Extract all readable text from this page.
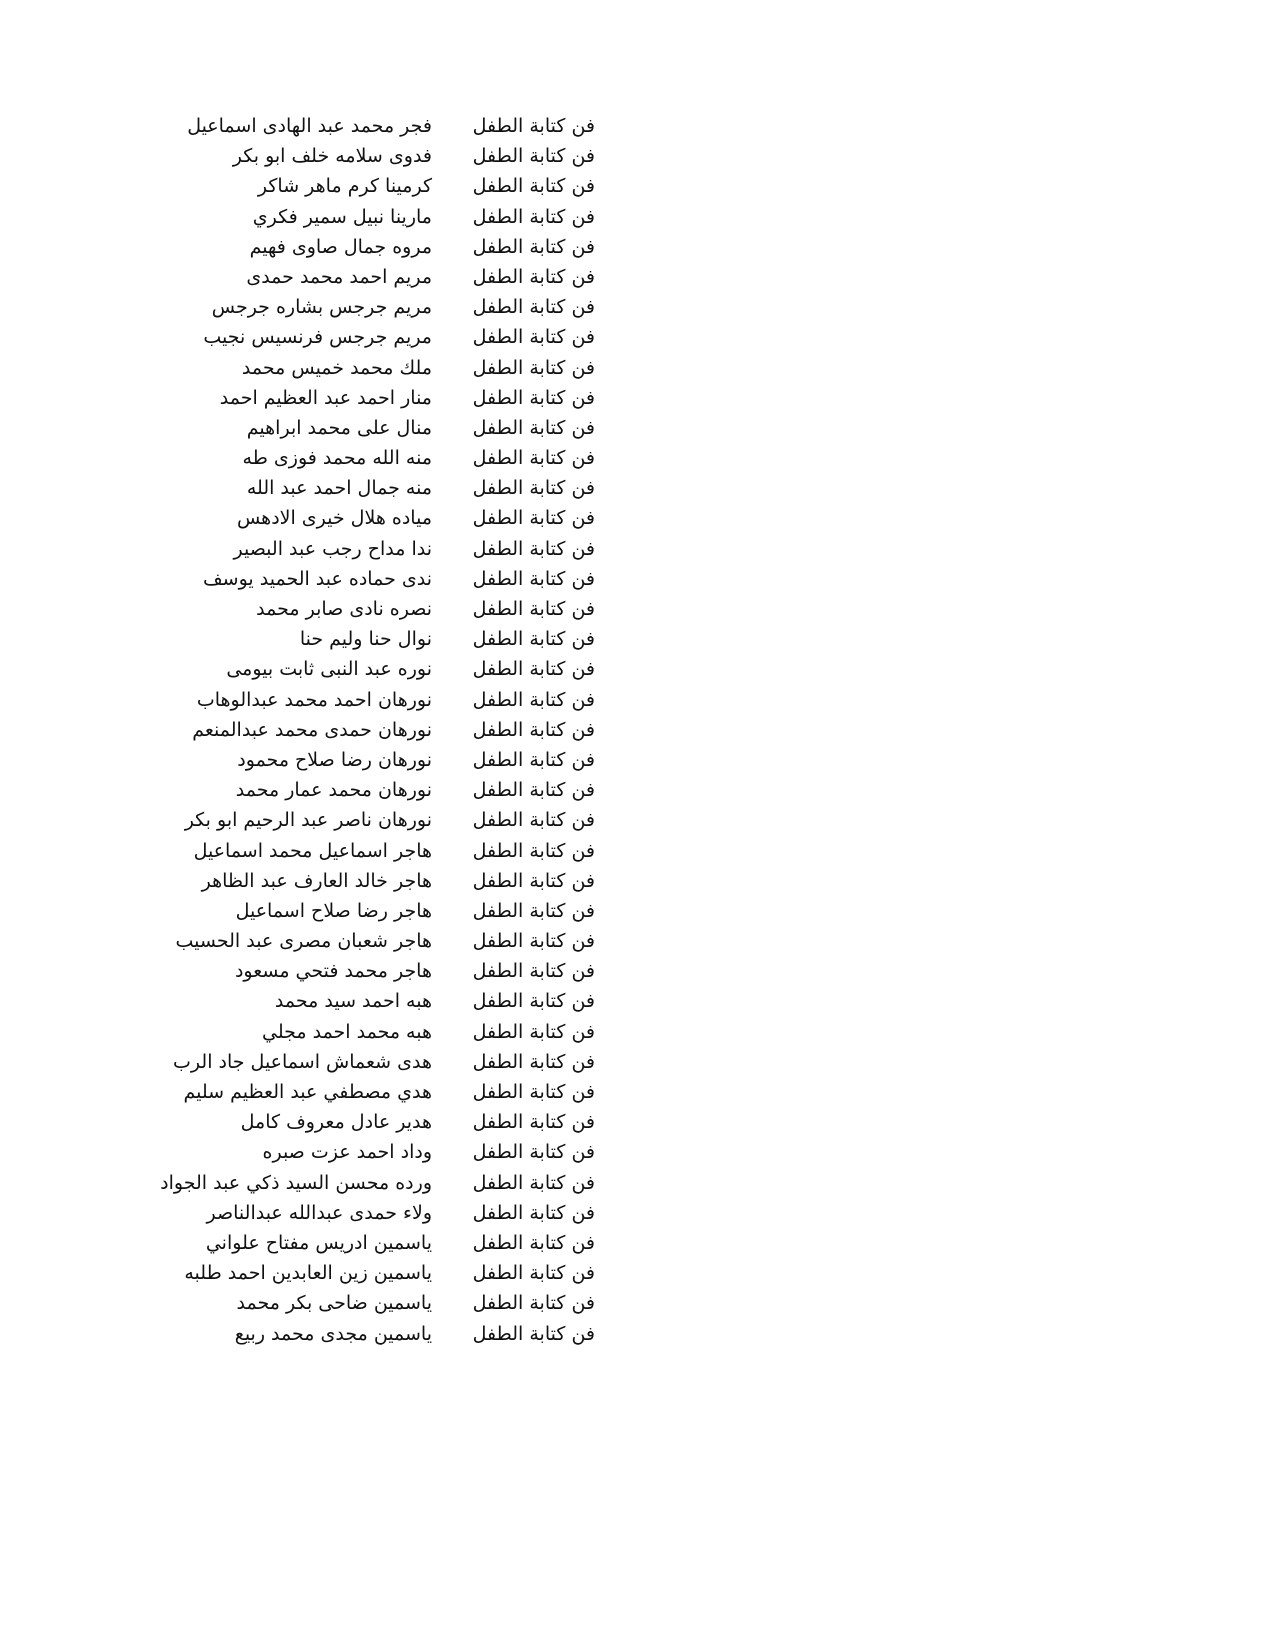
فن كتابة الطفل
فجر محمد عبد الهادى اسماعيل
فن كتابة الطفل
فدوى سلامه خلف ابو بكر
فن كتابة الطفل
كرمينا كرم ماهر شاكر
فن كتابة الطفل
مارينا نبيل سمير فكري
فن كتابة الطفل
مروه جمال صاوى فهيم
فن كتابة الطفل
مريم احمد محمد حمدى
فن كتابة الطفل
مريم جرجس بشاره جرجس
فن كتابة الطفل
مريم جرجس فرنسيس نجيب
فن كتابة الطفل
ملك محمد خميس محمد
فن كتابة الطفل
منار احمد عبد العظيم احمد
فن كتابة الطفل
منال على محمد ابراهيم
فن كتابة الطفل
منه الله محمد فوزى طه
فن كتابة الطفل
منه جمال احمد عبد الله
فن كتابة الطفل
مياده هلال خيرى الادهس
فن كتابة الطفل
ندا مداح رجب عبد البصير
فن كتابة الطفل
ندى حماده عبد الحميد يوسف
فن كتابة الطفل
نصره نادى صابر محمد
فن كتابة الطفل
نوال حنا وليم حنا
فن كتابة الطفل
نوره عبد النبى ثابت بيومى
فن كتابة الطفل
نورهان احمد محمد عبدالوهاب
فن كتابة الطفل
نورهان حمدى محمد عبدالمنعم
فن كتابة الطفل
نورهان رضا صلاح محمود
فن كتابة الطفل
نورهان محمد عمار محمد
فن كتابة الطفل
نورهان ناصر عبد الرحيم ابو بكر
فن كتابة الطفل
هاجر اسماعيل محمد اسماعيل
فن كتابة الطفل
هاجر خالد العارف عبد الظاهر
فن كتابة الطفل
هاجر رضا صلاح اسماعيل
فن كتابة الطفل
هاجر شعبان مصرى عبد الحسيب
فن كتابة الطفل
هاجر محمد فتحي مسعود
فن كتابة الطفل
هبه احمد سيد محمد
فن كتابة الطفل
هبه محمد احمد مجلي
فن كتابة الطفل
هدى شعماش اسماعيل جاد الرب
فن كتابة الطفل
هدي مصطفي عبد العظيم سليم
فن كتابة الطفل
هدير عادل معروف كامل
فن كتابة الطفل
وداد احمد عزت صبره
فن كتابة الطفل
ورده محسن السيد ذكي عبد الجواد
فن كتابة الطفل
ولاء حمدى عبدالله عبدالناصر
فن كتابة الطفل
ياسمين ادريس مفتاح علواني
فن كتابة الطفل
ياسمين زين العابدين احمد طلبه
فن كتابة الطفل
ياسمين ضاحى بكر محمد
فن كتابة الطفل
ياسمين مجدى محمد ربيع
